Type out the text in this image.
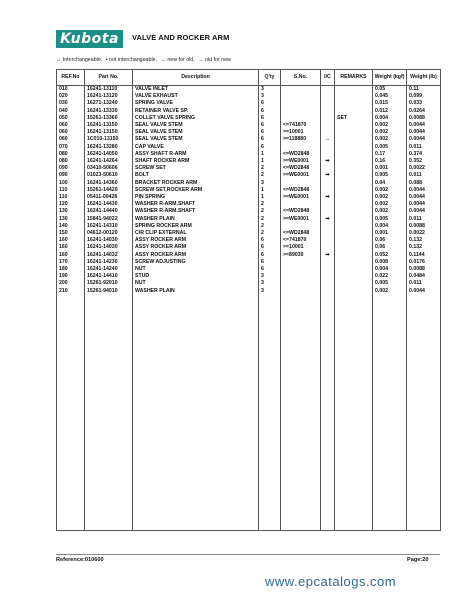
Kubota VALVE AND ROCKER ARM
↔ Interchangeable, • not interchangeable, ← new for old, → old for new
REF.No	Part No.	Description	Q'ty	S.No.	I/C	REMARKS	Weight (kgf)	Weight (lb)
010	16241-13110	VALVE INLET	3				0.05	0.11
020	16241-13120	VALVE EXHAUST	3				0.045	0.099
030	16271-13240	SPRING VALVE	6				0.015	0.033
040	16241-13330	RETAINER VALVE SP.	6				0.012	0.0264
050	15261-13360	COLLET VALVE SPRING	6			SET	0.004	0.0088
060	16241-13150	SEAL VALVE STEM	6	<=741870			0.002	0.0044
060	16241-13150	SEAL VALVE STEM	6	>=10001			0.002	0.0044
060	1C010-13150	SEAL VALVE STEM	6	>=118880	↔		0.002	0.0044
070	16241-13280	CAP VALVE	6				0.005	0.011
080	16241-14050	ASSY SHAFT R-ARM	1	<=WD2848			0.17	0.374
080	16241-14264	SHAFT ROCKER ARM	1	>=WE0001	➡		0.16	0.352
090	03410-50606	SCREW SET	2	<=WD2848			0.001	0.0022
090	01023-50610	BOLT	2	>=WE0001	➡		0.005	0.011
100	16241-14360	BRACKET ROCKER ARM	3				0.04	0.088
110	15261-14420	SCREW SET,ROCKER ARM	1	<=WD2848			0.002	0.0044
110	05411-00428	PIN SPRING	1	>=WE0001	➡		0.002	0.0044
120	16241-14430	WASHER R-ARM.SHAFT	2				0.002	0.0044
130	16241-14440	WASHER R-ARM.SHAFT	2	<=WD2848			0.002	0.0044
130	15841-94022	WASHER PLAIN	2	>=WE0001	➡		0.005	0.011
140	16241-14310	SPRING ROCKER ARM	2				0.004	0.0088
150	04612-00120	CIR CLIP EXTERNAL	2	<=WD2848			0.001	0.0022
160	16241-14030	ASSY ROCKER ARM	6	<=741870			0.06	0.132
160	16241-14030	ASSY ROCKER ARM	6	>=10001			0.06	0.132
160	16241-14032	ASSY ROCKER ARM	6	>=89030	➡		0.052	0.1144
170	16241-14230	SCREW ADJUSTING	6				0.008	0.0176
180	16241-14240	NUT	6				0.004	0.0088
190	16241-14410	STUD	3				0.022	0.0484
200	15261-92010	NUT	3				0.005	0.011
210	15261-94010	WASHER PLAIN	3				0.002	0.0044

Reference:010600	Page:20
www.epcatalogs.com
